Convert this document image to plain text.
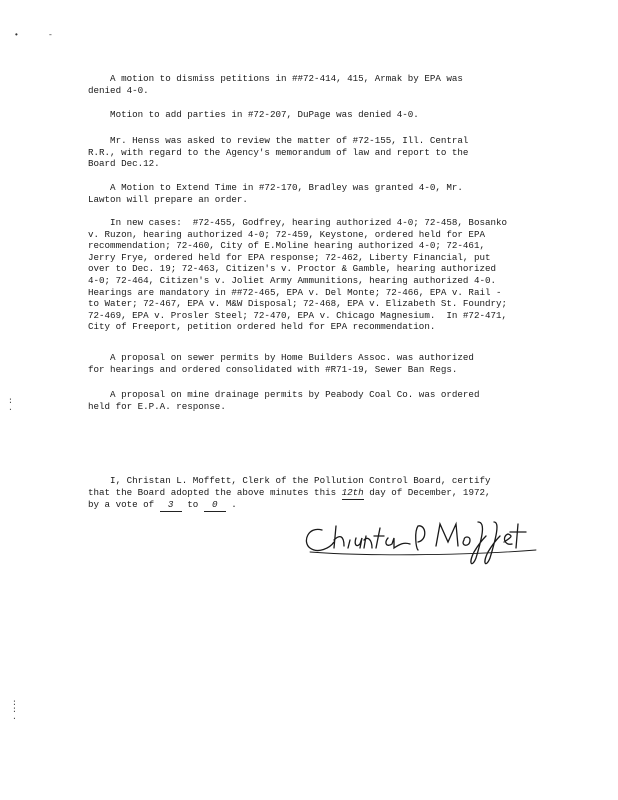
•	-

A motion to dismiss petitions in ##72-414, 415, Armak by EPA was
denied 4-0.

Motion to add parties in #72-207, DuPage was denied 4-0.

Mr. Henss was asked to review the matter of #72-155, Ill. Central
R.R., with regard to the Agency's memorandum of law and report to the
Board Dec.12.

A Motion to Extend Time in #72-170, Bradley was granted 4-0, Mr.
Lawton will prepare an order.

In new cases:  #72-455, Godfrey, hearing authorized 4-0; 72-458, Bosanko
v. Ruzon, hearing authorized 4-0; 72-459, Keystone, ordered held for EPA
recommendation; 72-460, City of E.Moline hearing authorized 4-0; 72-461,
Jerry Frye, ordered held for EPA response; 72-462, Liberty Financial, put
over to Dec. 19; 72-463, Citizen's v. Proctor & Gamble, hearing authorized
4-0; 72-464, Citizen's v. Joliet Army Ammunitions, hearing authorized 4-0.
Hearings are mandatory in ##72-465, EPA v. Del Monte; 72-466, EPA v. Rail -
to Water; 72-467, EPA v. M&W Disposal; 72-468, EPA v. Elizabeth St. Foundry;
72-469, EPA v. Prosler Steel; 72-470, EPA v. Chicago Magnesium.  In #72-471,
City of Freeport, petition ordered held for EPA recommendation.

A proposal on sewer permits by Home Builders Assoc. was authorized
for hearings and ordered consolidated with #R71-19, Sewer Ban Regs.

A proposal on mine drainage permits by Peabody Coal Co. was ordered
held for E.P.A. response.

:
.

I, Christan L. Moffett, Clerk of the Pollution Control Board, certify

that the Board adopted the above minutes this 12th day of December, 1972,

by a vote of 3 to 0 .

:
:
.
